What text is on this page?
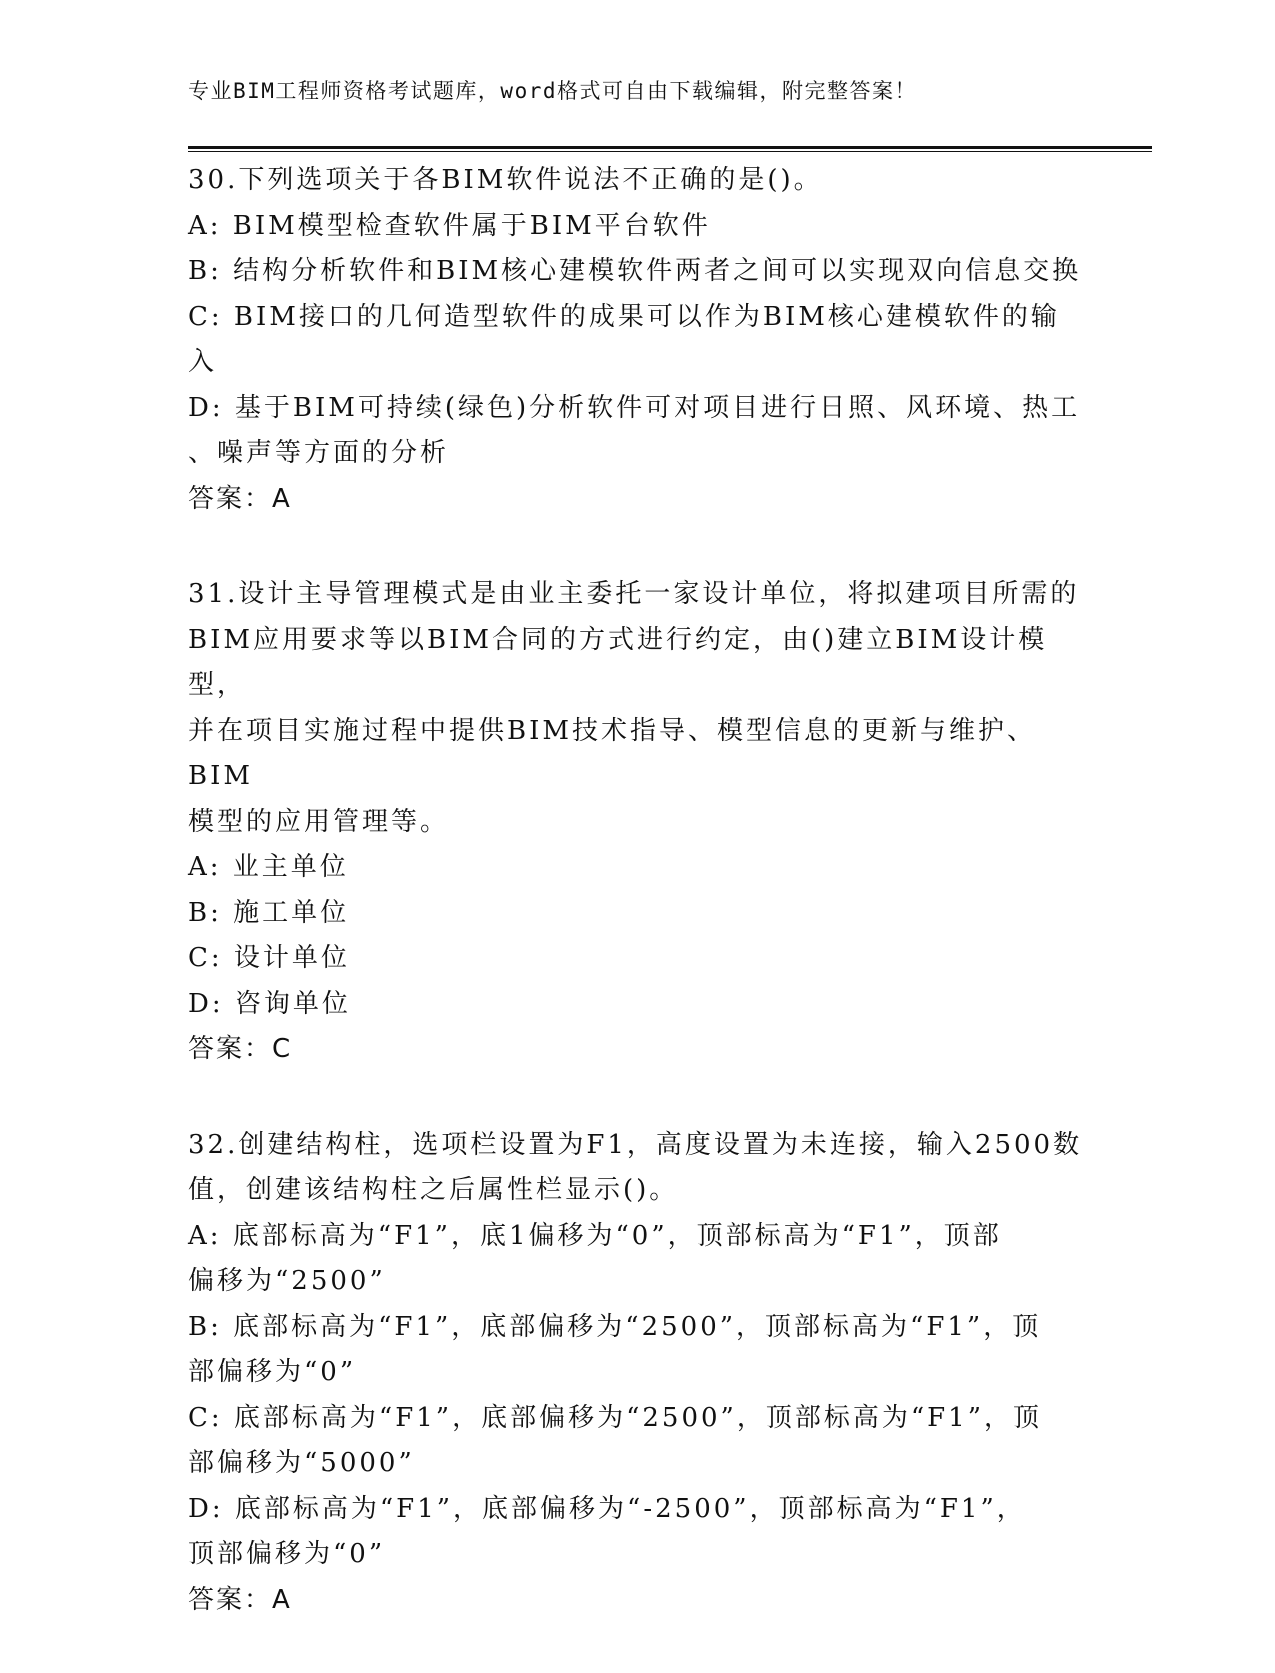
专业BIM工程师资格考试题库，word格式可自由下载编辑，附完整答案！
30.下列选项关于各BIM软件说法不正确的是()。
A: BIM模型检查软件属于BIM平台软件
B: 结构分析软件和BIM核心建模软件两者之间可以实现双向信息交换
C: BIM接口的几何造型软件的成果可以作为BIM核心建模软件的输入
D: 基于BIM可持续(绿色)分析软件可对项目进行日照、风环境、热工
、噪声等方面的分析
答案：A
31.设计主导管理模式是由业主委托一家设计单位，将拟建项目所需的
BIM应用要求等以BIM合同的方式进行约定，由()建立BIM设计模型，
并在项目实施过程中提供BIM技术指导、模型信息的更新与维护、BIM
模型的应用管理等。
A: 业主单位
B: 施工单位
C: 设计单位
D: 咨询单位
答案：C
32.创建结构柱，选项栏设置为F1，高度设置为未连接，输入2500数
值，创建该结构柱之后属性栏显示()。
A: 底部标高为“F1”，底1偏移为“0”，顶部标高为“F1”，顶部
偏移为“2500”
B: 底部标高为“F1”，底部偏移为“2500”，顶部标高为“F1”，顶
部偏移为“0”
C: 底部标高为“F1”，底部偏移为“2500”，顶部标高为“F1”，顶
部偏移为“5000”
D: 底部标高为“F1”，底部偏移为“-2500”，顶部标高为“F1”，
顶部偏移为“0”
答案：A
